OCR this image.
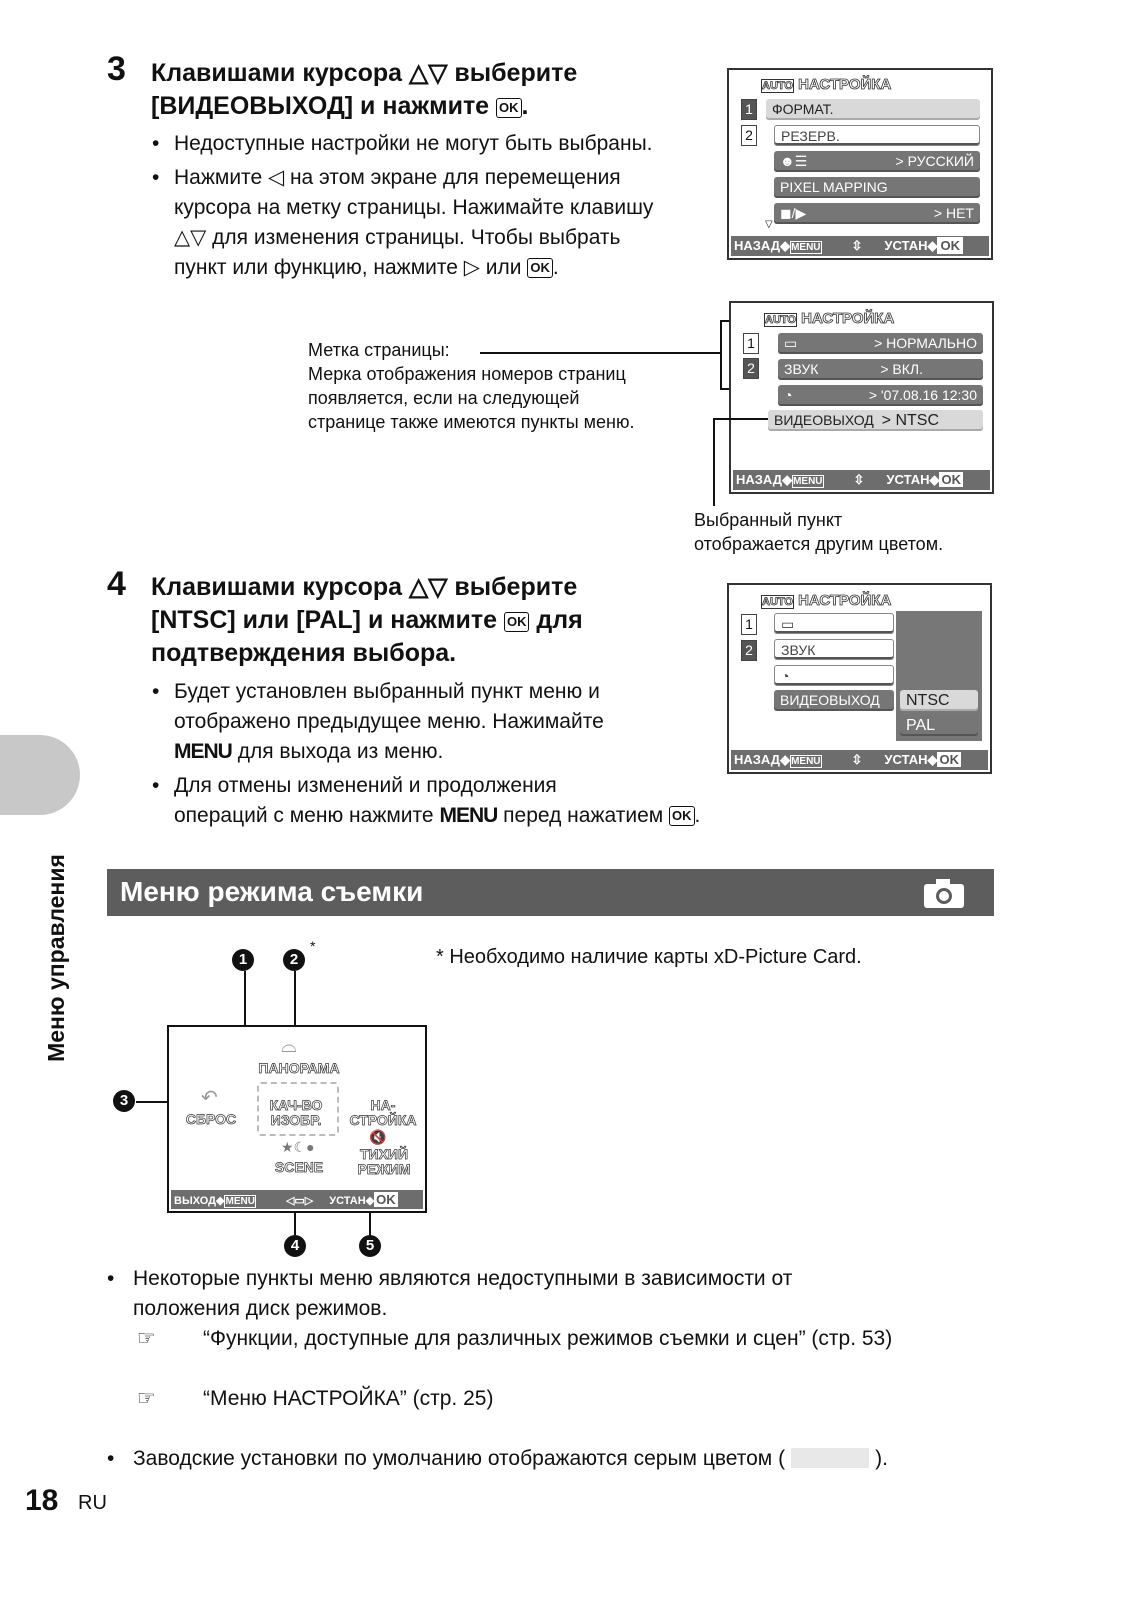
3 Клавишами курсора △▽ выберите
[ВИДЕОВЫХОД] и нажмите OK .
• Недоступные настройки не могут быть выбраны.
• Нажмите ◁ на этом экране для перемещения
курсора на метку страницы. Нажимайте клавишу
△▽ для изменения страницы. Чтобы выбрать
пункт или функцию, нажмите ▷ или OK .
AUTO НАСТРОЙКА
1
2
ФОРМАТ.
РЕЗЕРВ.
☻☰	> РУССКИЙ
PIXEL MAPPING
◼/▶	> НЕТ
▽
НАЗАД◆MENU ⇳ УСТАН◆ OK
Метка страницы:
Мерка отображения номеров страниц
появляется, если на следующей
странице также имеются пункты меню.
AUTO НАСТРОЙКА
1
2
▭	> НОРМАЛЬНО
ЗВУК	> ВКЛ.
◔	> '07.08.16 12:30
ВИДЕОВЫХОД > NTSC
НАЗАД◆MENU ⇳ УСТАН◆ OK
Выбранный пункт
отображается другим цветом.
4 Клавишами курсора △▽ выберите
[NTSC] или [PAL] и нажмите OK для
подтверждения выбора.
• Будет установлен выбранный пункт меню и
отображено предыдущее меню. Нажимайте
MENU для выхода из меню.
• Для отмены изменений и продолжения
операций с меню нажмите MENU перед нажатием OK .
AUTO НАСТРОЙКА
1
2
▭
ЗВУК
◔
ВИДЕОВЫХОД	NTSC
PAL
НАЗАД◆MENU ⇳ УСТАН◆ OK
Меню управления Меню режима съемки
* Необходимо наличие карты xD-Picture Card.
1	2
*
3
4	5
⌓
ПАНОРАМА
↶
СБРОС
КАЧ-ВО
ИЗОБР.
НА-
СТРОЙКА
★☾●
SCENE
🔇
ТИХИЙ
РЕЖИМ
ВЫХОД◆MENU	◁▭▷ УСТАН◆ OK
• Некоторые пункты меню являются недоступными в зависимости от
положения диск режимов.
☞ “Функции, доступные для различных режимов съемки и сцен” (стр. 53)
☞ “Меню НАСТРОЙКА” (стр. 25)
• Заводские установки по умолчанию отображаются серым цветом (	).
18 RU
